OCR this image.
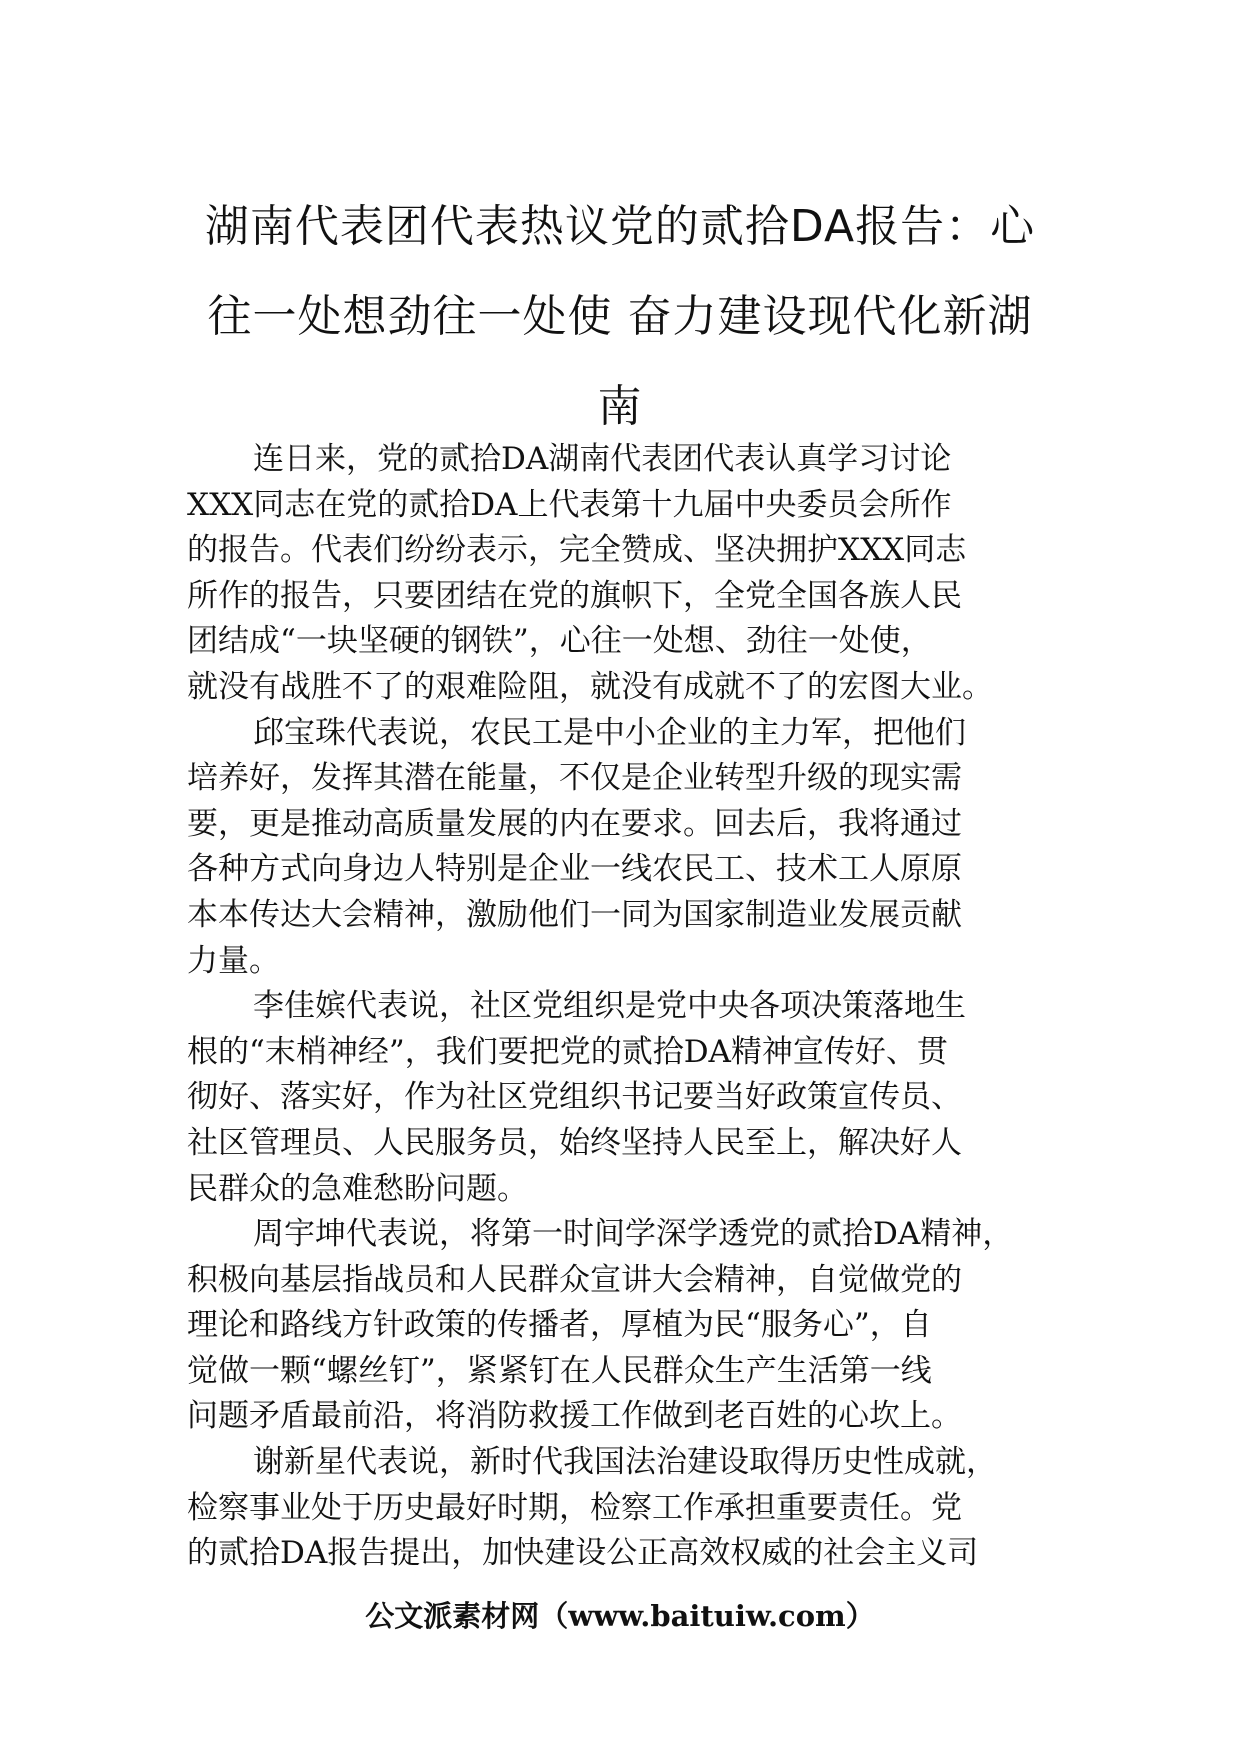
湖南代表团代表热议党的贰拾DA报告：心
往一处想劲往一处使 奋力建设现代化新湖
南

连日来，党的贰拾DA湖南代表团代表认真学习讨论
XXX同志在党的贰拾DA上代表第十九届中央委员会所作
的报告。代表们纷纷表示，完全赞成、坚决拥护XXX同志
所作的报告，只要团结在党的旗帜下，全党全国各族人民
团结成“一块坚硬的钢铁”，心往一处想、劲往一处使，
就没有战胜不了的艰难险阻，就没有成就不了的宏图大业。

邱宝珠代表说，农民工是中小企业的主力军，把他们
培养好，发挥其潜在能量，不仅是企业转型升级的现实需
要，更是推动高质量发展的内在要求。回去后，我将通过
各种方式向身边人特别是企业一线农民工、技术工人原原
本本传达大会精神，激励他们一同为国家制造业发展贡献
力量。

李佳嫔代表说，社区党组织是党中央各项决策落地生
根的“末梢神经”，我们要把党的贰拾DA精神宣传好、贯
彻好、落实好，作为社区党组织书记要当好政策宣传员、
社区管理员、人民服务员，始终坚持人民至上，解决好人
民群众的急难愁盼问题。

周宇坤代表说，将第一时间学深学透党的贰拾DA精神，
积极向基层指战员和人民群众宣讲大会精神，自觉做党的
理论和路线方针政策的传播者，厚植为民“服务心”，自
觉做一颗“螺丝钉”，紧紧钉在人民群众生产生活第一线
问题矛盾最前沿，将消防救援工作做到老百姓的心坎上。

谢新星代表说，新时代我国法治建设取得历史性成就，
检察事业处于历史最好时期，检察工作承担重要责任。党
的贰拾DA报告提出，加快建设公正高效权威的社会主义司

公文派素材网（www.baituiw.com）
